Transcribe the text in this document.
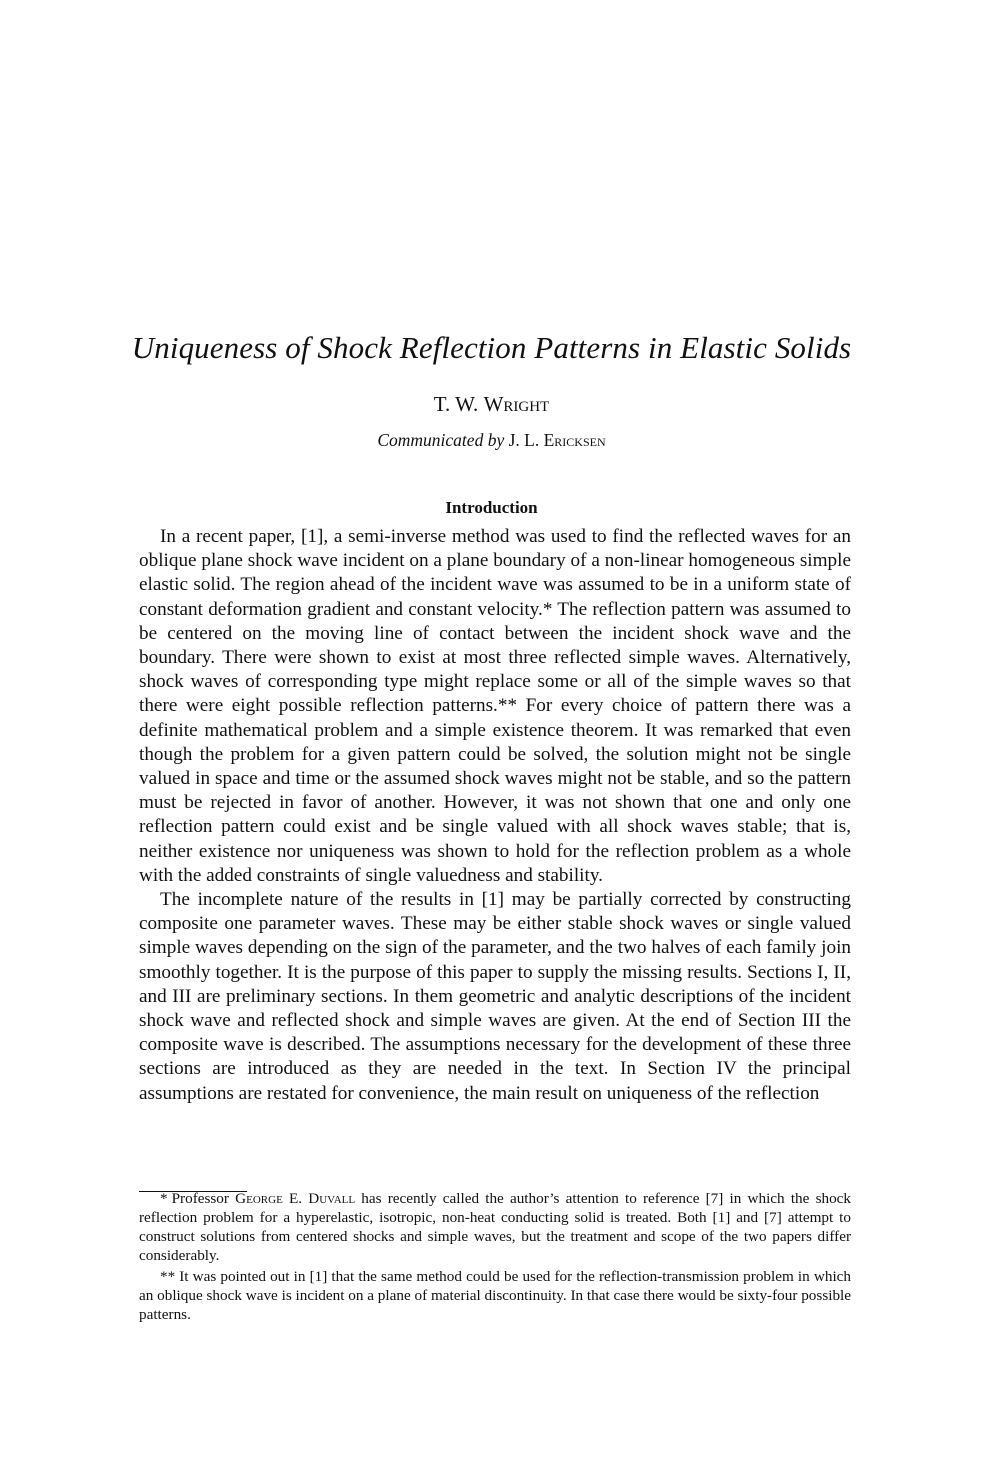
Uniqueness of Shock Reflection Patterns in Elastic Solids
T. W. Wright
Communicated by J. L. Ericksen
Introduction

In a recent paper, [1], a semi-inverse method was used to find the reflected waves for an oblique plane shock wave incident on a plane boundary of a non-linear homogeneous simple elastic solid. The region ahead of the incident wave was assumed to be in a uniform state of constant deformation gradient and constant velocity.* The reflection pattern was assumed to be centered on the moving line of contact between the incident shock wave and the boundary. There were shown to exist at most three reflected simple waves. Alternatively, shock waves of corresponding type might replace some or all of the simple waves so that there were eight possible reflection patterns.** For every choice of pattern there was a definite mathematical problem and a simple existence theorem. It was remarked that even though the problem for a given pattern could be solved, the solution might not be single valued in space and time or the assumed shock waves might not be stable, and so the pattern must be rejected in favor of another. However, it was not shown that one and only one reflection pattern could exist and be single valued with all shock waves stable; that is, neither existence nor uniqueness was shown to hold for the reflection problem as a whole with the added constraints of single valuedness and stability.

The incomplete nature of the results in [1] may be partially corrected by constructing composite one parameter waves. These may be either stable shock waves or single valued simple waves depending on the sign of the parameter, and the two halves of each family join smoothly together. It is the purpose of this paper to supply the missing results. Sections I, II, and III are preliminary sections. In them geometric and analytic descriptions of the incident shock wave and reflected shock and simple waves are given. At the end of Section III the composite wave is described. The assumptions necessary for the development of these three sections are introduced as they are needed in the text. In Section IV the principal assumptions are restated for convenience, the main result on uniqueness of the reflection

* Professor George E. Duvall has recently called the author’s attention to reference [7] in which the shock reflection problem for a hyperelastic, isotropic, non-heat conducting solid is treated. Both [1] and [7] attempt to construct solutions from centered shocks and simple waves, but the treatment and scope of the two papers differ considerably.

** It was pointed out in [1] that the same method could be used for the reflection-transmission problem in which an oblique shock wave is incident on a plane of material discontinuity. In that case there would be sixty-four possible patterns.
